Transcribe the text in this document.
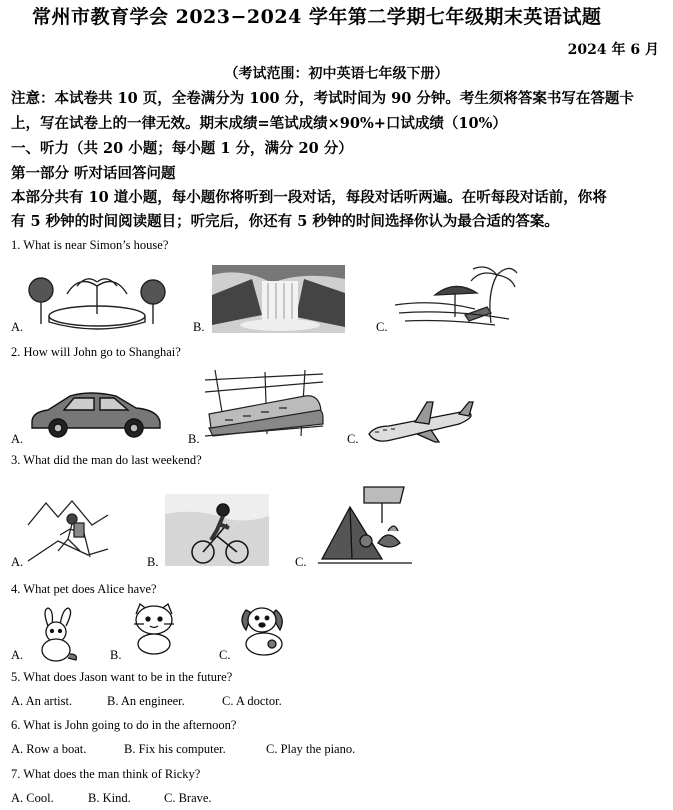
常州市教育学会 2023−2024 学年第二学期七年级期末英语试题
2024 年 6 月
（考试范围：初中英语七年级下册）
注意：本试卷共 10 页，全卷满分为 100 分，考试时间为 90 分钟。考生须将答案书写在答题卡
上，写在试卷上的一律无效。期末成绩=笔试成绩×90%+口试成绩（10%）
一、听力（共 20 小题；每小题 1 分，满分 20 分）
第一部分 听对话回答问题
本部分共有 10 道小题，每小题你将听到一段对话，每段对话听两遍。在听每段对话前，你将
有 5 秒钟的时间阅读题目；听完后，你还有 5 秒钟的时间选择你认为最合适的答案。
1. What is near Simon’s house?
A.	B.	C.
2. How will John go to Shanghai?
A.	B.	C.
3. What did the man do last weekend?
A.	B.	C.
4. What pet does Alice have?
A.	B.	C.
5. What does Jason want to be in the future?
A. An artist.	B. An engineer.	C. A doctor.
6. What is John going to do in the afternoon?
A. Row a boat.	B. Fix his computer.	C. Play the piano.
7. What does the man think of Ricky?
A. Cool.	B. Kind.	C. Brave.
